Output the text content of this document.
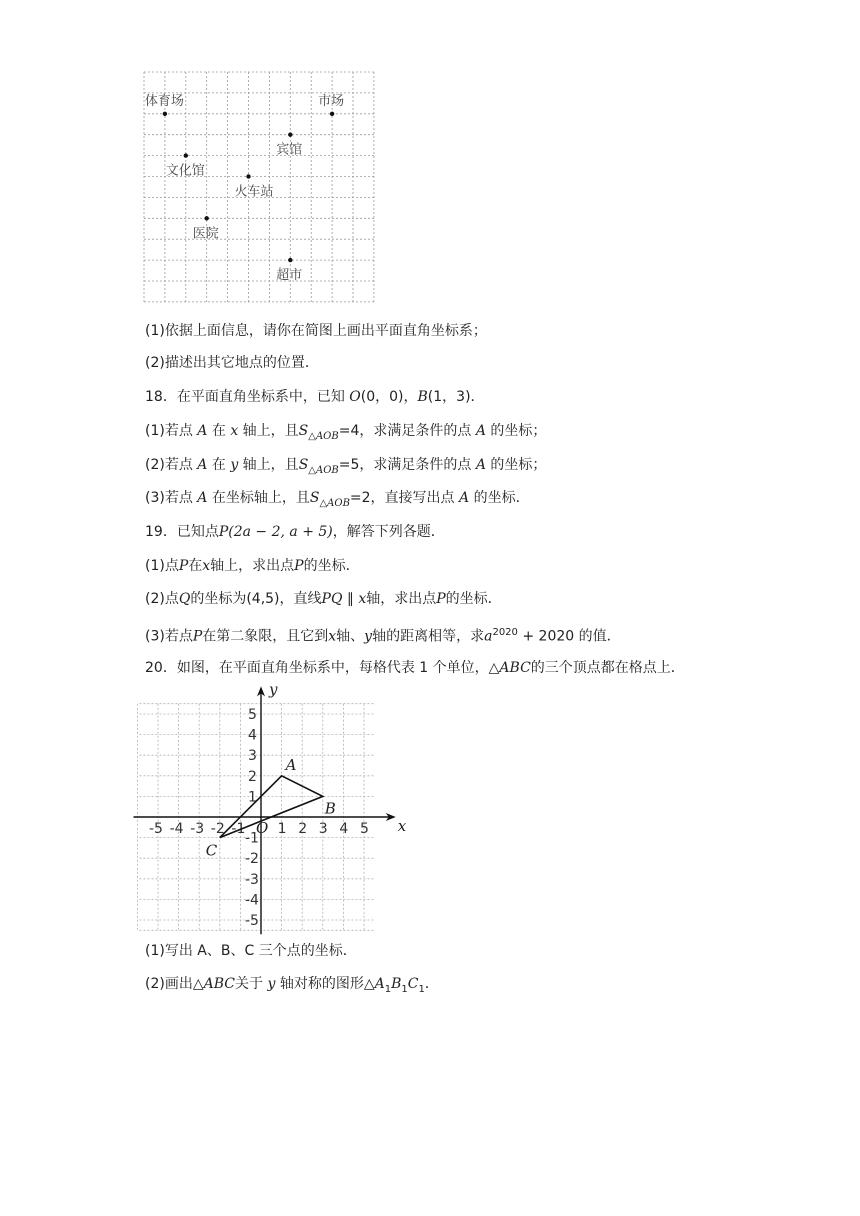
体育场	市场
宾馆
文化馆
火车站
医院
超市
(1)依据上面信息，请你在简图上画出平面直角坐标系；
(2)描述出其它地点的位置．
18．在平面直角坐标系中，已知 O(0，0)，B(1，3)．
(1)若点 A 在 x 轴上，且$S_{\triangle AOB}=4$，求满足条件的点 A 的坐标；
(2)若点 A 在 y 轴上，且$S_{\triangle AOB}=5$，求满足条件的点 A 的坐标；
(3)若点 A 在坐标轴上，且$S_{\triangle AOB}=2$，直接写出点 A 的坐标．
19．已知点P(2a − 2, a + 5)，解答下列各题．
(1)点P在x轴上，求出点P的坐标．
(2)点Q的坐标为(4,5)，直线PQ ∥ x轴，求出点P的坐标．
(3)若点P在第二象限，且它到x轴、y轴的距离相等，求$a^{2020} + 2020$ 的值．
20．如图，在平面直角坐标系中，每格代表 1 个单位，△ABC的三个顶点都在格点上．
x
y
-5 -4 -3 -2 -1 O 1 2 3 4 5
5
4
3
2
1
-1
-2
-3
-4
-5
A
B
C
(1)写出 A、B、C 三个点的坐标．
(2)画出△ABC关于 y 轴对称的图形$\triangle A_1B_1C_1$．
